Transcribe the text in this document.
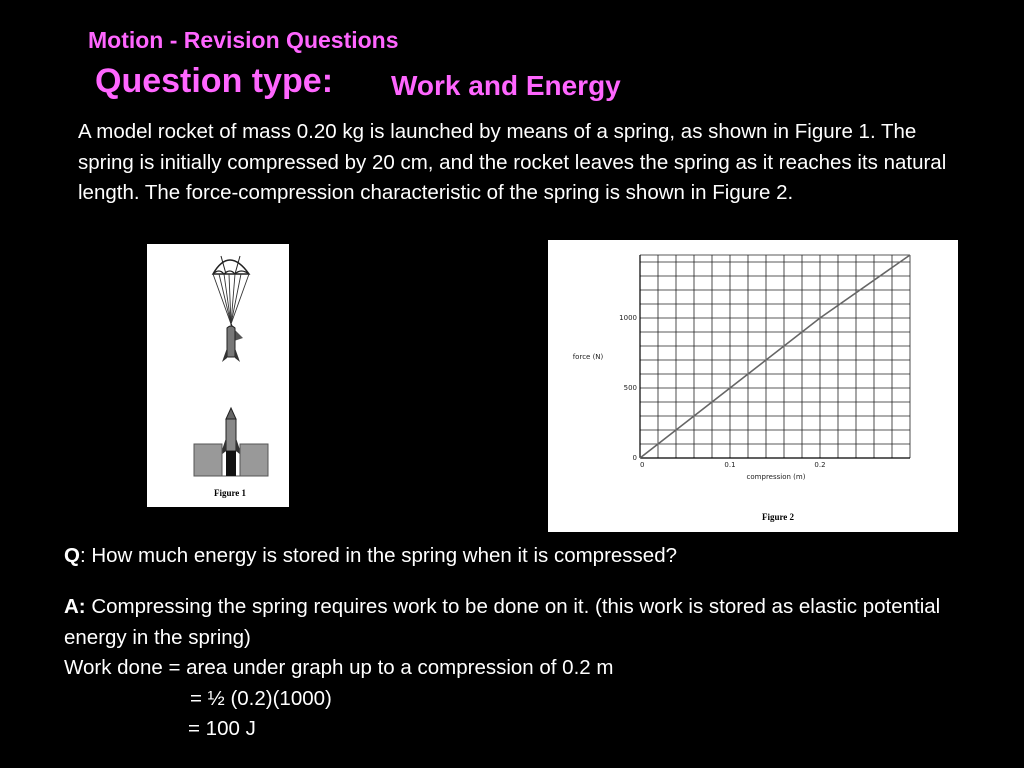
Motion - Revision Questions
Question type: Work and Energy
A model rocket of mass 0.20 kg is launched by means of a spring, as shown in Figure 1. The spring is initially compressed by 20 cm, and the rocket leaves the spring as it reaches its natural length. The force-compression characteristic of the spring is shown in Figure 2.
Figure 1
0	0.1	0.2
0
500
1000
compression (m)
force (N)
Figure 2
Q: How much energy is stored in the spring when it is compressed?
A: Compressing the spring requires work to be done on it. (this work is stored as elastic potential energy in the spring)
Work done = area under graph up to a compression of 0.2 m
= ½ (0.2)(1000)
= 100 J
